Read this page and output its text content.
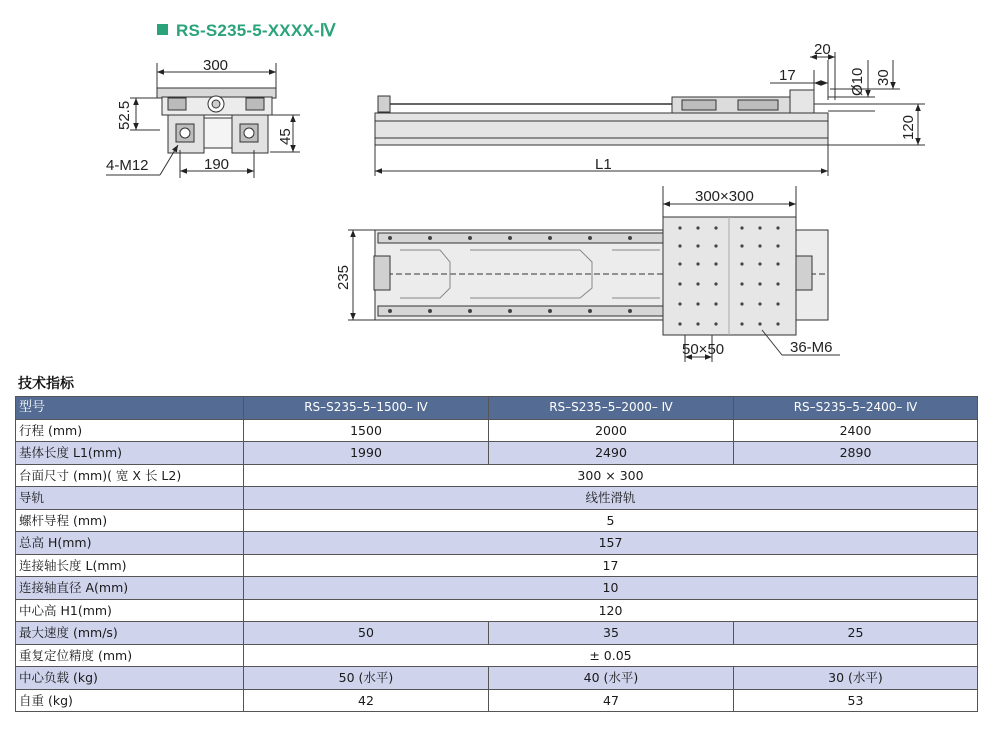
RS-S235-5-XXXX-Ⅳ
300
52.5
4-M12	190
45
L1
17
20
Ø10 30
120
300×300
235
50×50	36-M6
技术指标
型号	RS–S235–5–1500– Ⅳ	RS–S235–5–2000– Ⅳ	RS–S235–5–2400– Ⅳ
行程 (mm)	1500	2000	2400
基体长度 L1(mm)	1990	2490	2890
台面尺寸 (mm)( 宽 X 长 L2)	300 × 300		
导轨	线性滑轨		
螺杆导程 (mm)	5		
总高 H(mm)	157		
连接轴长度 L(mm)	17		
连接轴直径 A(mm)	10		
中心高 H1(mm)	120		
最大速度 (mm/s)	50	35	25
重复定位精度 (mm)	± 0.05		
中心负载 (kg)	50 (水平)	40 (水平)	30 (水平)
自重 (kg)	42	47	53
